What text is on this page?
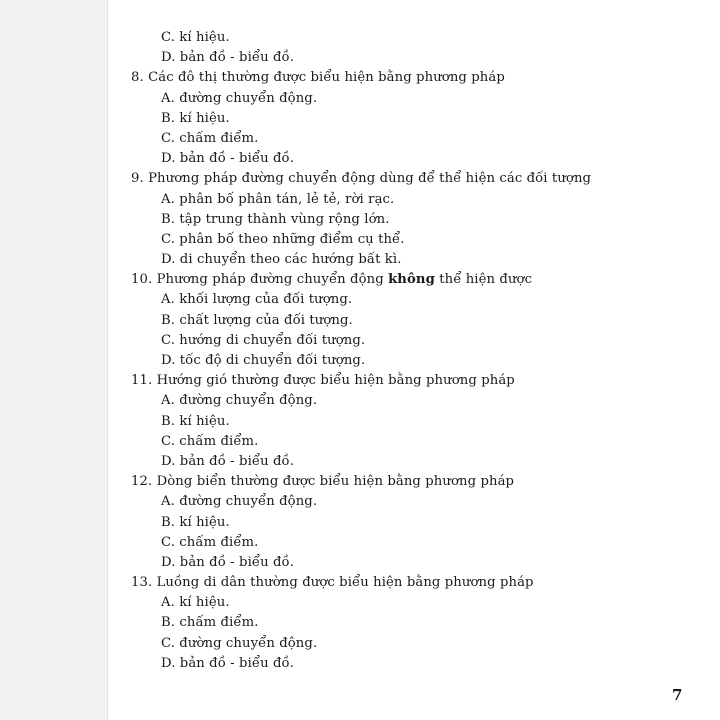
C. kí hiệu.
D. bản đồ - biểu đồ.
8. Các đô thị thường được biểu hiện bằng phương pháp
A. đường chuyển động.
B. kí hiệu.
C. chấm điểm.
D. bản đồ - biểu đồ.
9. Phương pháp đường chuyển động dùng để thể hiện các đối tượng
A. phân bố phân tán, lẻ tẻ, rời rạc.
B. tập trung thành vùng rộng lớn.
C. phân bố theo những điểm cụ thể.
D. di chuyển theo các hướng bất kì.
10. Phương pháp đường chuyển động không thể hiện được
A. khối lượng của đối tượng.
B. chất lượng của đối tượng.
C. hướng di chuyển đối tượng.
D. tốc độ di chuyển đối tượng.
11. Hướng gió thường được biểu hiện bằng phương pháp
A. đường chuyển động.
B. kí hiệu.
C. chấm điểm.
D. bản đồ - biểu đồ.
12. Dòng biển thường được biểu hiện bằng phương pháp
A. đường chuyển động.
B. kí hiệu.
C. chấm điểm.
D. bản đồ - biểu đồ.
13. Luồng di dân thường được biểu hiện bằng phương pháp
A. kí hiệu.
B. chấm điểm.
C. đường chuyển động.
D. bản đồ - biểu đồ.
7
